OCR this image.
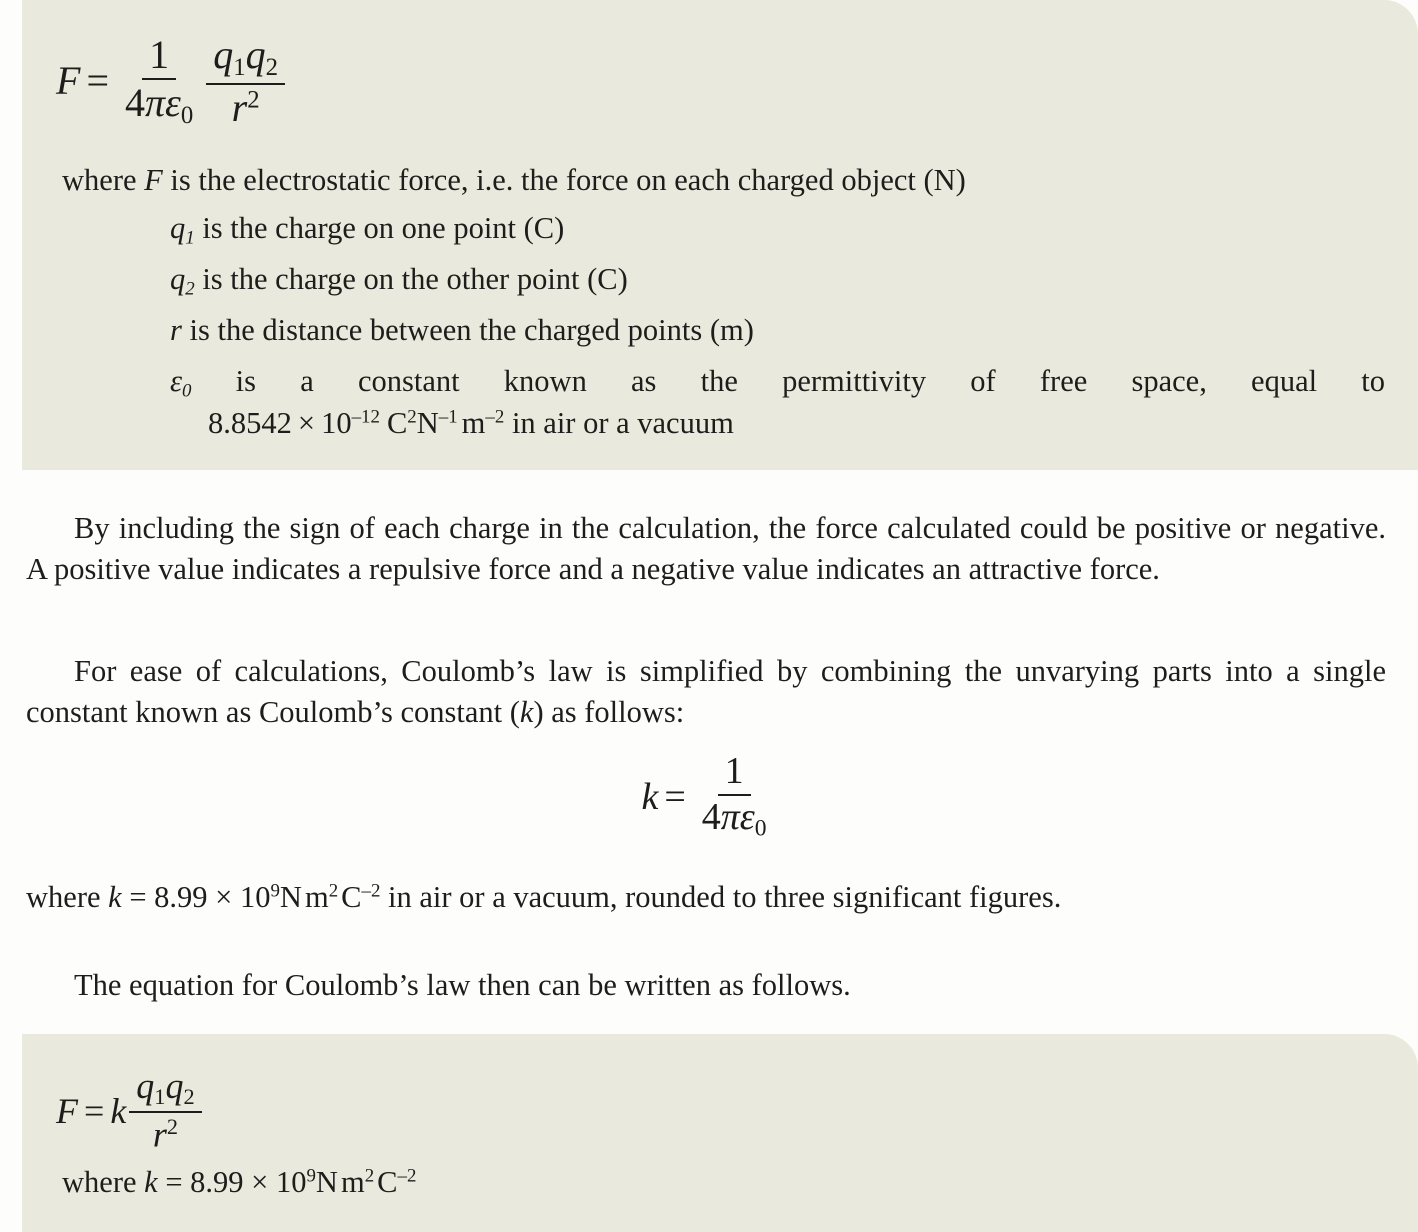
$F = \frac{1}{4\pi\varepsilon_0} \frac{q_1q_2}{r^2}$
where F is the electrostatic force, i.e. the force on each charged object (N)
$q_1$ is the charge on one point (C)
$q_2$ is the charge on the other point (C)
r is the distance between the charged points (m)
$\varepsilon_0$ is a constant known as the permittivity of free space, equal to
$8.8542 \times 10^{-12}$ $C^2N^{-1}$ $m^{-2}$ in air or a vacuum
By including the sign of each charge in the calculation, the force calculated could be positive or negative. A positive value indicates a repulsive force and a negative value indicates an attractive force.
For ease of calculations, Coulomb’s law is simplified by combining the unvarying parts into a single constant known as Coulomb’s constant (k) as follows:
$k = \frac{1}{4\pi\varepsilon_0}$
where $k = 8.99 \times 10^9Nm^2C^{-2}$ in air or a vacuum, rounded to three significant figures.
The equation for Coulomb’s law then can be written as follows.
F = k $\frac{q_1q_2}{r^2}$
where $k = 8.99 \times 10^9Nm^2C^{-2}$
